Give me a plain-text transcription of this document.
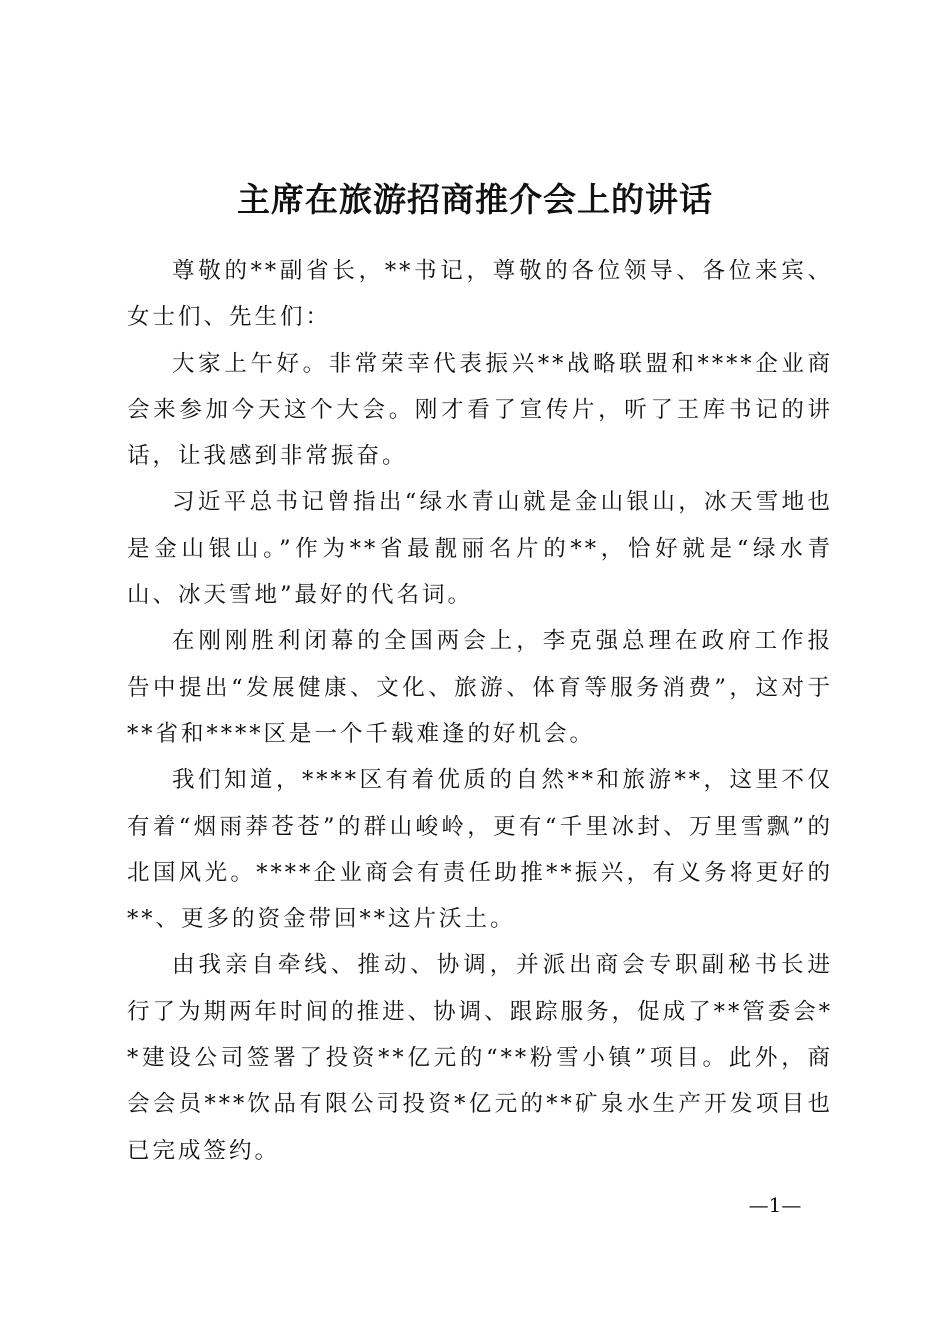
主席在旅游招商推介会上的讲话

尊敬的**副省长，**书记，尊敬的各位领导、各位来宾、女士们、先生们：

大家上午好。非常荣幸代表振兴**战略联盟和****企业商会来参加今天这个大会。刚才看了宣传片，听了王库书记的讲话，让我感到非常振奋。

习近平总书记曾指出“绿水青山就是金山银山，冰天雪地也是金山银山。”作为**省最靓丽名片的**，恰好就是“绿水青山、冰天雪地”最好的代名词。

在刚刚胜利闭幕的全国两会上，李克强总理在政府工作报告中提出“发展健康、文化、旅游、体育等服务消费”，这对于**省和****区是一个千载难逢的好机会。

我们知道，****区有着优质的自然**和旅游**，这里不仅有着“烟雨莽苍苍”的群山峻岭，更有“千里冰封、万里雪飘”的北国风光。****企业商会有责任助推**振兴，有义务将更好的**、更多的资金带回**这片沃土。

由我亲自牵线、推动、协调，并派出商会专职副秘书长进行了为期两年时间的推进、协调、跟踪服务，促成了**管委会**建设公司签署了投资**亿元的“**粉雪小镇”项目。此外，商会会员***饮品有限公司投资*亿元的**矿泉水生产开发项目也已完成签约。

—1—
